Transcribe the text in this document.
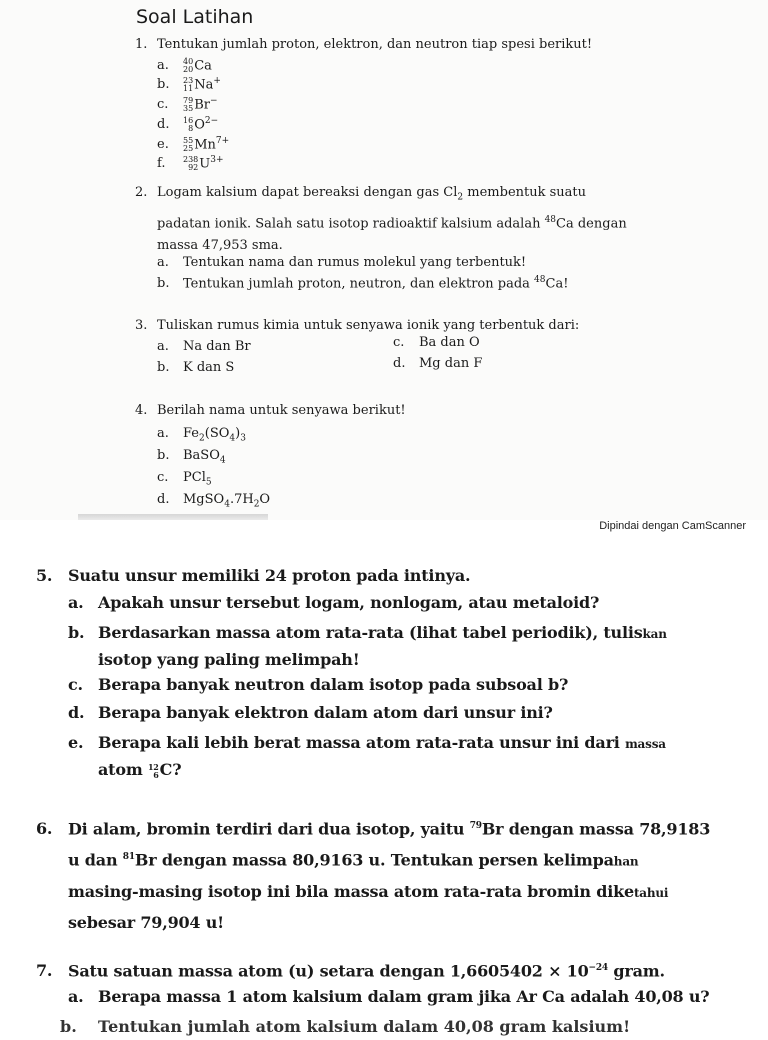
Soal Latihan
1. Tentukan jumlah proton, elektron, dan neutron tiap spesi berikut!
a. 40
20 Ca
b. 23
11 Na+
c. 79
35 Br−
d. 16
8 $O^{2-}$
e. 55
25 $Mn^{7+}$
f. 238
92 $U^{3+}$
2. Logam kalsium dapat bereaksi dengan gas $Cl_2$ membentuk suatu
padatan ionik. Salah satu isotop radioaktif kalsium adalah $^{48}$Ca dengan
massa 47,953 sma.
a. Tentukan nama dan rumus molekul yang terbentuk!
b. Tentukan jumlah proton, neutron, dan elektron pada $^{48}$Ca!
3. Tuliskan rumus kimia untuk senyawa ionik yang terbentuk dari:
a. Na dan Br
b. K dan S
c. Ba dan O
d. Mg dan F
4. Berilah nama untuk senyawa berikut!
a. $Fe_2(SO_4)_3$
b. BaSO$_4$
c. PCl$_5$
d. $MgSO_4.7H_2O$
Dipindai dengan CamScanner
5. Suatu unsur memiliki 24 proton pada intinya.
a. Apakah unsur tersebut logam, nonlogam, atau metaloid?
b. Berdasarkan massa atom rata-rata (lihat tabel periodik), tuliskan
isotop yang paling melimpah!
c. Berapa banyak neutron dalam isotop pada subsoal b?
d. Berapa banyak elektron dalam atom dari unsur ini?
e. Berapa kali lebih berat massa atom rata-rata unsur ini dari massa
atom 12
6 C?
6. Di alam, bromin terdiri dari dua isotop, yaitu $^{79}$Br dengan massa 78,9183
u dan $^{81}$Br dengan massa 80,9163 u. Tentukan persen kelimpahan
masing-masing isotop ini bila massa atom rata-rata bromin diketahui
sebesar 79,904 u!
7. Satu satuan massa atom (u) setara dengan $1,6605402 \times 10^{-24}$ gram.
a. Berapa massa 1 atom kalsium dalam gram jika Ar Ca adalah 40,08 u?
b. Tentukan jumlah atom kalsium dalam 40,08 gram kalsium!
